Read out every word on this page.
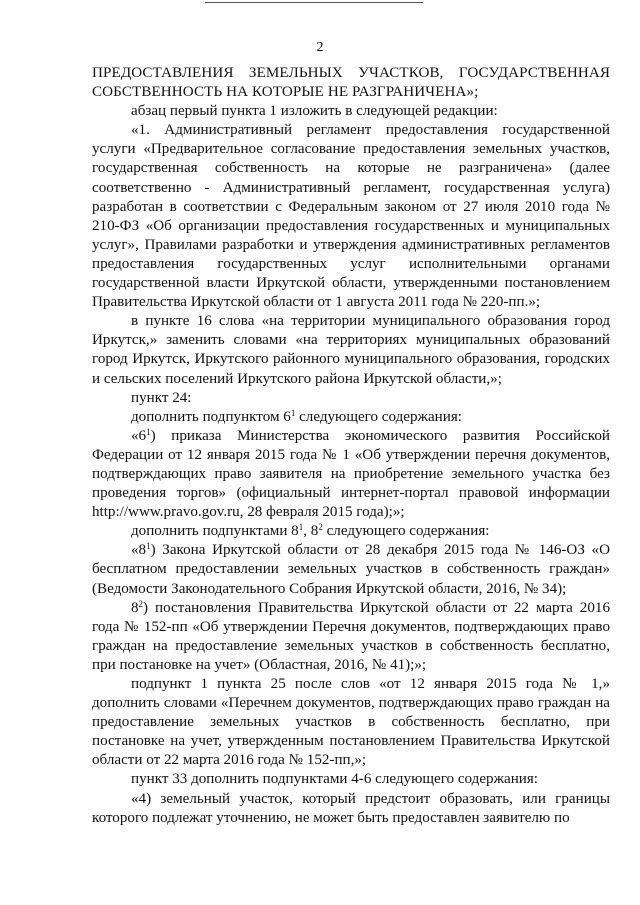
2

ПРЕДОСТАВЛЕНИЯ ЗЕМЕЛЬНЫХ УЧАСТКОВ, ГОСУДАРСТВЕННАЯ СОБСТВЕННОСТЬ НА КОТОРЫЕ НЕ РАЗГРАНИЧЕНА»;

абзац первый пункта 1 изложить в следующей редакции:

«1. Административный регламент предоставления государственной услуги «Предварительное согласование предоставления земельных участков, государственная собственность на которые не разграничена» (далее соответственно - Административный регламент, государственная услуга) разработан в соответствии с Федеральным законом от 27 июля 2010 года № 210-ФЗ «Об организации предоставления государственных и муниципальных услуг», Правилами разработки и утверждения административных регламентов предоставления государственных услуг исполнительными органами государственной власти Иркутской области, утвержденными постановлением Правительства Иркутской области от 1 августа 2011 года № 220-пп.»;

в пункте 16 слова «на территории муниципального образования город Иркутск,» заменить словами «на территориях муниципальных образований город Иркутск, Иркутского районного муниципального образования, городских и сельских поселений Иркутского района Иркутской области,»;

пункт 24:

дополнить подпунктом $6^1$ следующего содержания:

«$6^1$) приказа Министерства экономического развития Российской Федерации от 12 января 2015 года № 1 «Об утверждении перечня документов, подтверждающих право заявителя на приобретение земельного участка без проведения торгов» (официальный интернет-портал правовой информации http://www.pravo.gov.ru, 28 февраля 2015 года);»;

дополнить подпунктами $8^1$, $8^2$ следующего содержания:

«$8^1$) Закона Иркутской области от 28 декабря 2015 года № 146-ОЗ «О бесплатном предоставлении земельных участков в собственность граждан» (Ведомости Законодательного Собрания Иркутской области, 2016, № 34);

$8^2$) постановления Правительства Иркутской области от 22 марта 2016 года № 152-пп «Об утверждении Перечня документов, подтверждающих право граждан на предоставление земельных участков в собственность бесплатно, при постановке на учет» (Областная, 2016, № 41);»;

подпункт 1 пункта 25 после слов «от 12 января 2015 года № 1,» дополнить словами «Перечнем документов, подтверждающих право граждан на предоставление земельных участков в собственность бесплатно, при постановке на учет, утвержденным постановлением Правительства Иркутской области от 22 марта 2016 года № 152-пп,»;

пункт 33 дополнить подпунктами 4-6 следующего содержания:

«4) земельный участок, который предстоит образовать, или границы которого подлежат уточнению, не может быть предоставлен заявителю по
